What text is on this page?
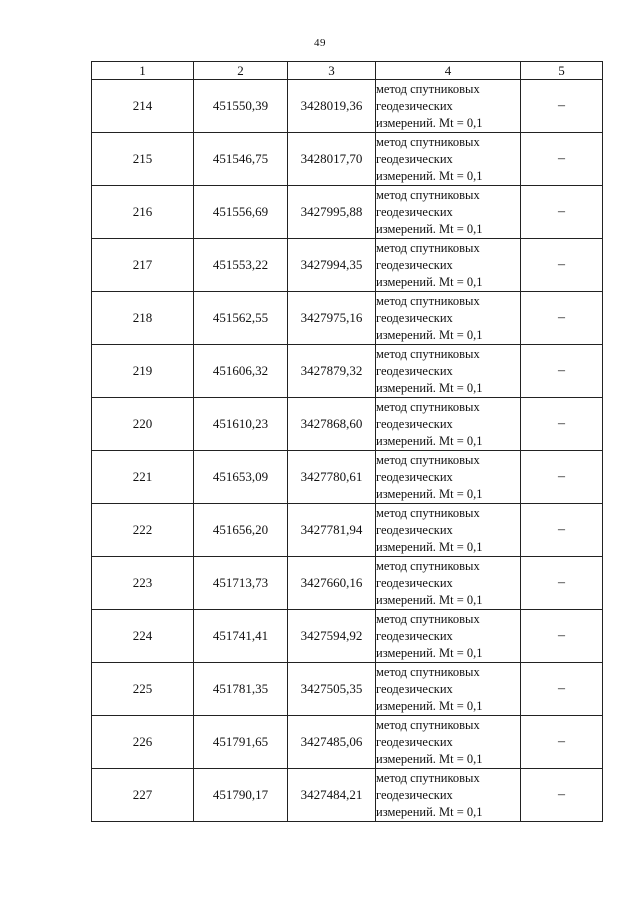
49
1	2	3	4	5
214	451550,39	3428019,36	метод спутниковых
геодезических
измерений. Mt = 0,1	–
215	451546,75	3428017,70	метод спутниковых
геодезических
измерений. Mt = 0,1	–
216	451556,69	3427995,88	метод спутниковых
геодезических
измерений. Mt = 0,1	–
217	451553,22	3427994,35	метод спутниковых
геодезических
измерений. Mt = 0,1	–
218	451562,55	3427975,16	метод спутниковых
геодезических
измерений. Mt = 0,1	–
219	451606,32	3427879,32	метод спутниковых
геодезических
измерений. Mt = 0,1	–
220	451610,23	3427868,60	метод спутниковых
геодезических
измерений. Mt = 0,1	–
221	451653,09	3427780,61	метод спутниковых
геодезических
измерений. Mt = 0,1	–
222	451656,20	3427781,94	метод спутниковых
геодезических
измерений. Mt = 0,1	–
223	451713,73	3427660,16	метод спутниковых
геодезических
измерений. Mt = 0,1	–
224	451741,41	3427594,92	метод спутниковых
геодезических
измерений. Mt = 0,1	–
225	451781,35	3427505,35	метод спутниковых
геодезических
измерений. Mt = 0,1	–
226	451791,65	3427485,06	метод спутниковых
геодезических
измерений. Mt = 0,1	–
227	451790,17	3427484,21	метод спутниковых
геодезических
измерений. Mt = 0,1	–
